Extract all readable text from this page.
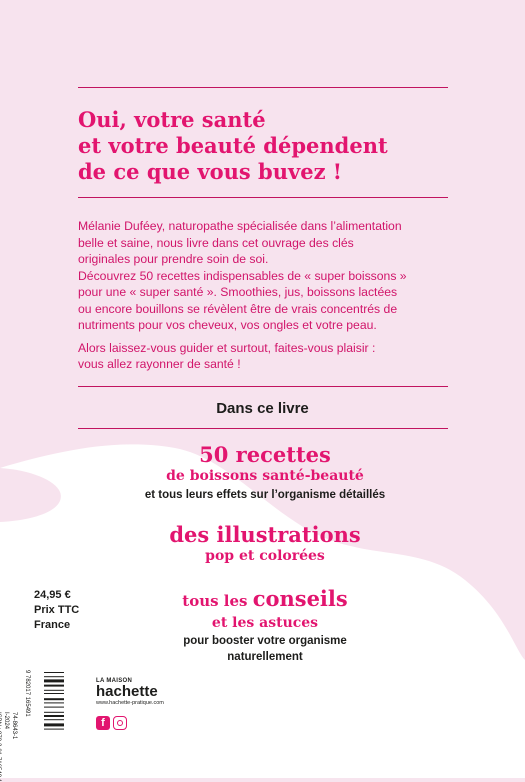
Oui, votre santé
et votre beauté dépendent
de ce que vous buvez !
Mélanie Duféey, naturopathe spécialisée dans l’alimentation
belle et saine, nous livre dans cet ouvrage des clés
originales pour prendre soin de soi.
Découvrez 50 recettes indispensables de « super boissons »
pour une « super santé ». Smoothies, jus, boissons lactées
ou encore bouillons se révèlent être de vrais concentrés de
nutriments pour vos cheveux, vos ongles et votre peau.
Alors laissez-vous guider et surtout, faites-vous plaisir :
vous allez rayonner de santé !
Dans ce livre
50 recettes
de boissons santé-beauté
et tous leurs effets sur l’organisme détaillés
des illustrations
pop et colorées
tous les conseils
et les astuces
pour booster votre organisme
naturellement
24,95 €
Prix TTC
France
74-8643-1
I-2024
9 782017 165491	LA MAISON
hachette
www.hachette-pratique.com
f
